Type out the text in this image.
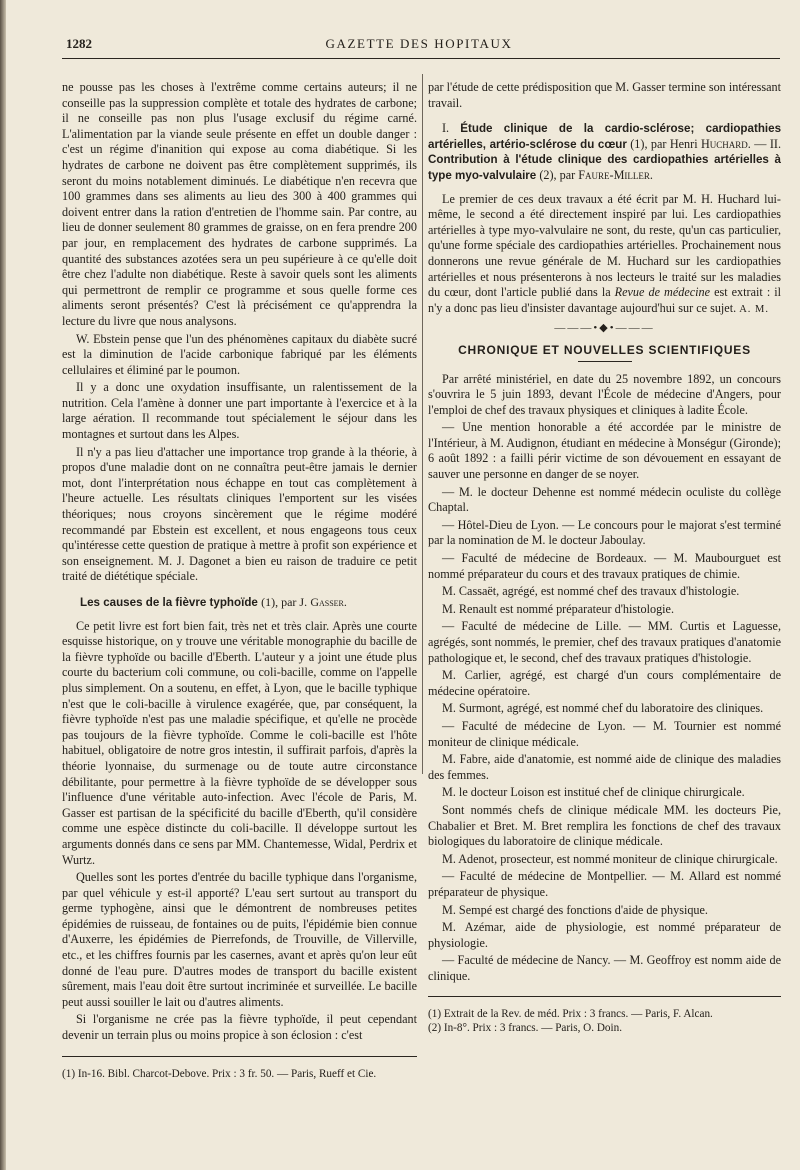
1282	GAZETTE DES HOPITAUX

ne pousse pas les choses à l'extrême comme certains auteurs; il ne conseille pas la suppression complète et totale des hydrates de carbone; il ne conseille pas non plus l'usage exclusif du régime carné. L'alimentation par la viande seule présente en effet un double danger : c'est un régime d'inanition qui expose au coma diabétique. Si les hydrates de carbone ne doivent pas être complètement supprimés, ils seront du moins notablement diminués. Le diabétique n'en recevra que 100 grammes dans ses aliments au lieu des 300 à 400 grammes qui doivent entrer dans la ration d'entretien de l'homme sain. Par contre, au lieu de donner seulement 80 grammes de graisse, on en fera prendre 200 par jour, en remplacement des hydrates de carbone supprimés. La quantité des substances azotées sera un peu supérieure à ce qu'elle doit être chez l'adulte non diabétique. Reste à savoir quels sont les aliments qui permettront de remplir ce programme et sous quelle forme ces aliments seront présentés? C'est là précisément ce qu'apprendra la lecture du livre que nous analysons.

W. Ebstein pense que l'un des phénomènes capitaux du diabète sucré est la diminution de l'acide carbonique fabriqué par les éléments cellulaires et éliminé par le poumon.

Il y a donc une oxydation insuffisante, un ralentissement de la nutrition. Cela l'amène à donner une part importante à l'exercice et à la large aération. Il recommande tout spécialement le séjour dans les montagnes et surtout dans les Alpes.

Il n'y a pas lieu d'attacher une importance trop grande à la théorie, à propos d'une maladie dont on ne connaîtra peut-être jamais le dernier mot, dont l'interprétation nous échappe en tout cas complètement à l'heure actuelle. Les résultats cliniques l'emportent sur les visées théoriques; nous croyons sincèrement que le régime modéré recommandé par Ebstein est excellent, et nous engageons tous ceux qu'intéresse cette question de pratique à mettre à profit son expérience et son enseignement. M. J. Dagonet a bien eu raison de traduire ce petit traité de diététique spéciale.

Les causes de la fièvre typhoïde (1), par J. Gasser.

Ce petit livre est fort bien fait, très net et très clair. Après une courte esquisse historique, on y trouve une véritable monographie du bacille de la fièvre typhoïde ou bacille d'Eberth. L'auteur y a joint une étude plus courte du bacterium coli commune, ou coli-bacille, comme on l'appelle plus simplement. On a soutenu, en effet, à Lyon, que le bacille typhique n'est que le coli-bacille à virulence exagérée, que, par conséquent, la fièvre typhoïde n'est pas une maladie spécifique, et qu'elle ne procède pas toujours de la fièvre typhoïde. Comme le coli-bacille est l'hôte habituel, obligatoire de notre gros intestin, il suffirait parfois, d'après la théorie lyonnaise, du surmenage ou de toute autre circonstance débilitante, pour permettre à la fièvre typhoïde de se développer sous l'influence d'une véritable auto-infection. Avec l'école de Paris, M. Gasser est partisan de la spécificité du bacille d'Eberth, qu'il considère comme une espèce distincte du coli-bacille. Il développe surtout les arguments donnés dans ce sens par MM. Chantemesse, Widal, Perdrix et Wurtz.

Quelles sont les portes d'entrée du bacille typhique dans l'organisme, par quel véhicule y est-il apporté? L'eau sert surtout au transport du germe typhogène, ainsi que le démontrent de nombreuses petites épidémies de ruisseau, de fontaines ou de puits, l'épidémie bien connue d'Auxerre, les épidémies de Pierrefonds, de Trouville, de Villerville, etc., et les chiffres fournis par les casernes, avant et après qu'on leur eût donné de l'eau pure. D'autres modes de transport du bacille existent sûrement, mais l'eau doit être surtout incriminée et surveillée. Le bacille peut aussi souiller le lait ou d'autres aliments.

Si l'organisme ne crée pas la fièvre typhoïde, il peut cependant devenir un terrain plus ou moins propice à son éclosion : c'est

(1) In-16. Bibl. Charcot-Debove. Prix : 3 fr. 50. — Paris, Rueff et Cie.

par l'étude de cette prédisposition que M. Gasser termine son intéressant travail.

I. Étude clinique de la cardio-sclérose; cardiopathies artérielles, artério-sclérose du cœur (1), par Henri Huchard. — II. Contribution à l'étude clinique des cardiopathies artérielles à type myo-valvulaire (2), par Faure-Miller.

Le premier de ces deux travaux a été écrit par M. H. Huchard lui-même, le second a été directement inspiré par lui. Les cardiopathies artérielles à type myo-valvulaire ne sont, du reste, qu'un cas particulier, qu'une forme spéciale des cardiopathies artérielles. Prochainement nous donnerons une revue générale de M. Huchard sur les cardiopathies artérielles et nous présenterons à nos lecteurs le traité sur les maladies du cœur, dont l'article publié dans la Revue de médecine est extrait : il n'y a donc pas lieu d'insister davantage aujourd'hui sur ce sujet. A. M.

———•◆•———
CHRONIQUE ET NOUVELLES SCIENTIFIQUES

Par arrêté ministériel, en date du 25 novembre 1892, un concours s'ouvrira le 5 juin 1893, devant l'École de médecine d'Angers, pour l'emploi de chef des travaux physiques et cliniques à ladite École.

— Une mention honorable a été accordée par le ministre de l'Intérieur, à M. Audignon, étudiant en médecine à Monségur (Gironde); 6 août 1892 : a failli périr victime de son dévouement en essayant de sauver une personne en danger de se noyer.

— M. le docteur Dehenne est nommé médecin oculiste du collège Chaptal.

— Hôtel-Dieu de Lyon. — Le concours pour le majorat s'est terminé par la nomination de M. le docteur Jaboulay.

— Faculté de médecine de Bordeaux. — M. Maubourguet est nommé préparateur du cours et des travaux pratiques de chimie.

M. Cassaët, agrégé, est nommé chef des travaux d'histologie.

M. Renault est nommé préparateur d'histologie.

— Faculté de médecine de Lille. — MM. Curtis et Laguesse, agrégés, sont nommés, le premier, chef des travaux pratiques d'anatomie pathologique et, le second, chef des travaux pratiques d'histologie.

M. Carlier, agrégé, est chargé d'un cours complémentaire de médecine opératoire.

M. Surmont, agrégé, est nommé chef du laboratoire des cliniques.

— Faculté de médecine de Lyon. — M. Tournier est nommé moniteur de clinique médicale.

M. Fabre, aide d'anatomie, est nommé aide de clinique des maladies des femmes.

M. le docteur Loison est institué chef de clinique chirurgicale.

Sont nommés chefs de clinique médicale MM. les docteurs Pie, Chabalier et Bret. M. Bret remplira les fonctions de chef des travaux biologiques du laboratoire de clinique médicale.

M. Adenot, prosecteur, est nommé moniteur de clinique chirurgicale.

— Faculté de médecine de Montpellier. — M. Allard est nommé préparateur de physique.

M. Sempé est chargé des fonctions d'aide de physique.

M. Azémar, aide de physiologie, est nommé préparateur de physiologie.

— Faculté de médecine de Nancy. — M. Geoffroy est nomm aide de clinique.

(1) Extrait de la Rev. de méd. Prix : 3 francs. — Paris, F. Alcan.

(2) In-8°. Prix : 3 francs. — Paris, O. Doin.
